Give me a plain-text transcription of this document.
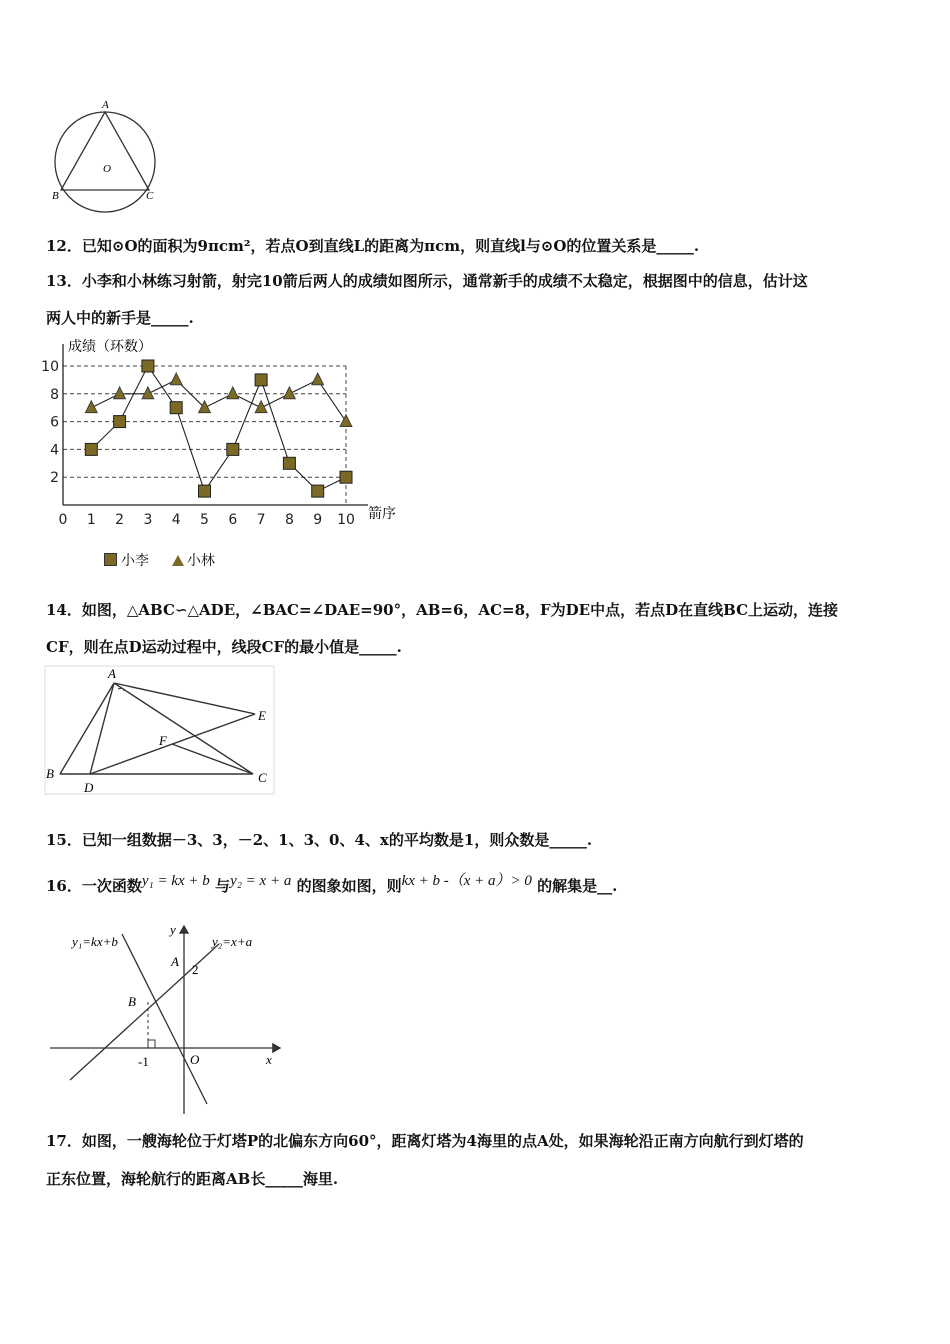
A
O
B	C
12．已知⊙O的面积为9πcm²，若点O到直线L的距离为πcm，则直线l与⊙O的位置关系是_____.
13．小李和小林练习射箭，射完10箭后两人的成绩如图所示，通常新手的成绩不太稳定，根据图中的信息，估计这
两人中的新手是_____.
2
4
6
8
10
0 1 2 3 4 5 6 7 8 9 10
成绩（环数）
箭序
小李	小林
14．如图，△ABC∽△ADE，∠BAC=∠DAE=90°，AB=6，AC=8，F为DE中点，若点D在直线BC上运动，连接
CF，则在点D运动过程中，线段CF的最小值是_____.
A
E
F
B
D
C
15．已知一组数据－3、3，－2、1、3、0、4、x的平均数是1，则众数是_____.
16．一次函数y₁ = kx + b 与y₂ = x + a 的图象如图，则kx + b -（x + a）> 0 的解集是__.
y₁=kx+b	y₂=x+a
y
A
2
B
-1	O	x
17．如图，一艘海轮位于灯塔P的北偏东方向60°，距离灯塔为4海里的点A处，如果海轮沿正南方向航行到灯塔的
正东位置，海轮航行的距离AB长_____海里.
